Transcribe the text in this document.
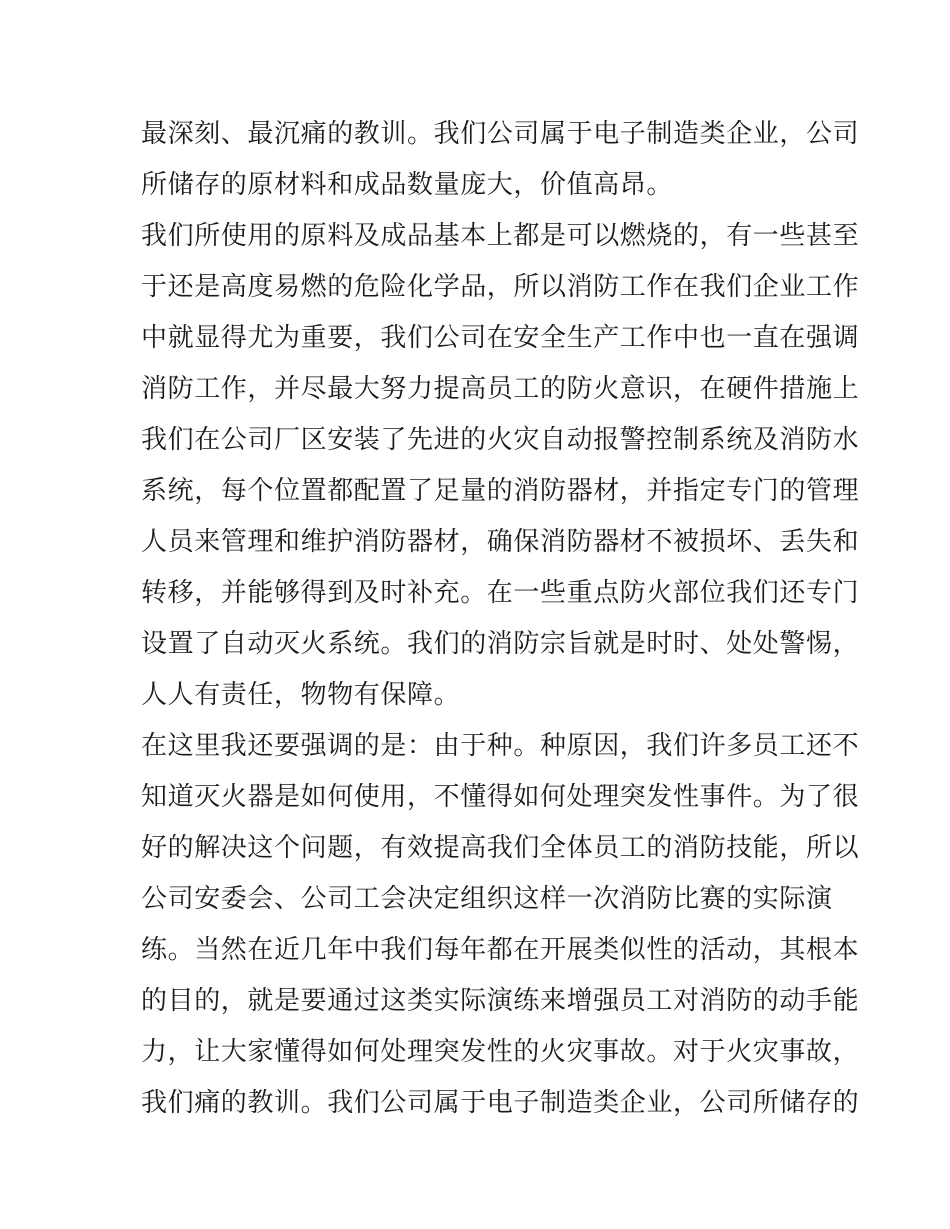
最深刻、最沉痛的教训。我们公司属于电子制造类企业，公司
所储存的原材料和成品数量庞大，价值高昂。
我们所使用的原料及成品基本上都是可以燃烧的，有一些甚至
于还是高度易燃的危险化学品，所以消防工作在我们企业工作
中就显得尤为重要，我们公司在安全生产工作中也一直在强调
消防工作，并尽最大努力提高员工的防火意识，在硬件措施上
我们在公司厂区安装了先进的火灾自动报警控制系统及消防水
系统，每个位置都配置了足量的消防器材，并指定专门的管理
人员来管理和维护消防器材，确保消防器材不被损坏、丢失和
转移，并能够得到及时补充。在一些重点防火部位我们还专门
设置了自动灭火系统。我们的消防宗旨就是时时、处处警惕，
人人有责任，物物有保障。
在这里我还要强调的是：由于种。种原因，我们许多员工还不
知道灭火器是如何使用，不懂得如何处理突发性事件。为了很
好的解决这个问题，有效提高我们全体员工的消防技能，所以
公司安委会、公司工会决定组织这样一次消防比赛的实际演
练。当然在近几年中我们每年都在开展类似性的活动，其根本
的目的，就是要通过这类实际演练来增强员工对消防的动手能
力，让大家懂得如何处理突发性的火灾事故。对于火灾事故，
我们痛的教训。我们公司属于电子制造类企业，公司所储存的
